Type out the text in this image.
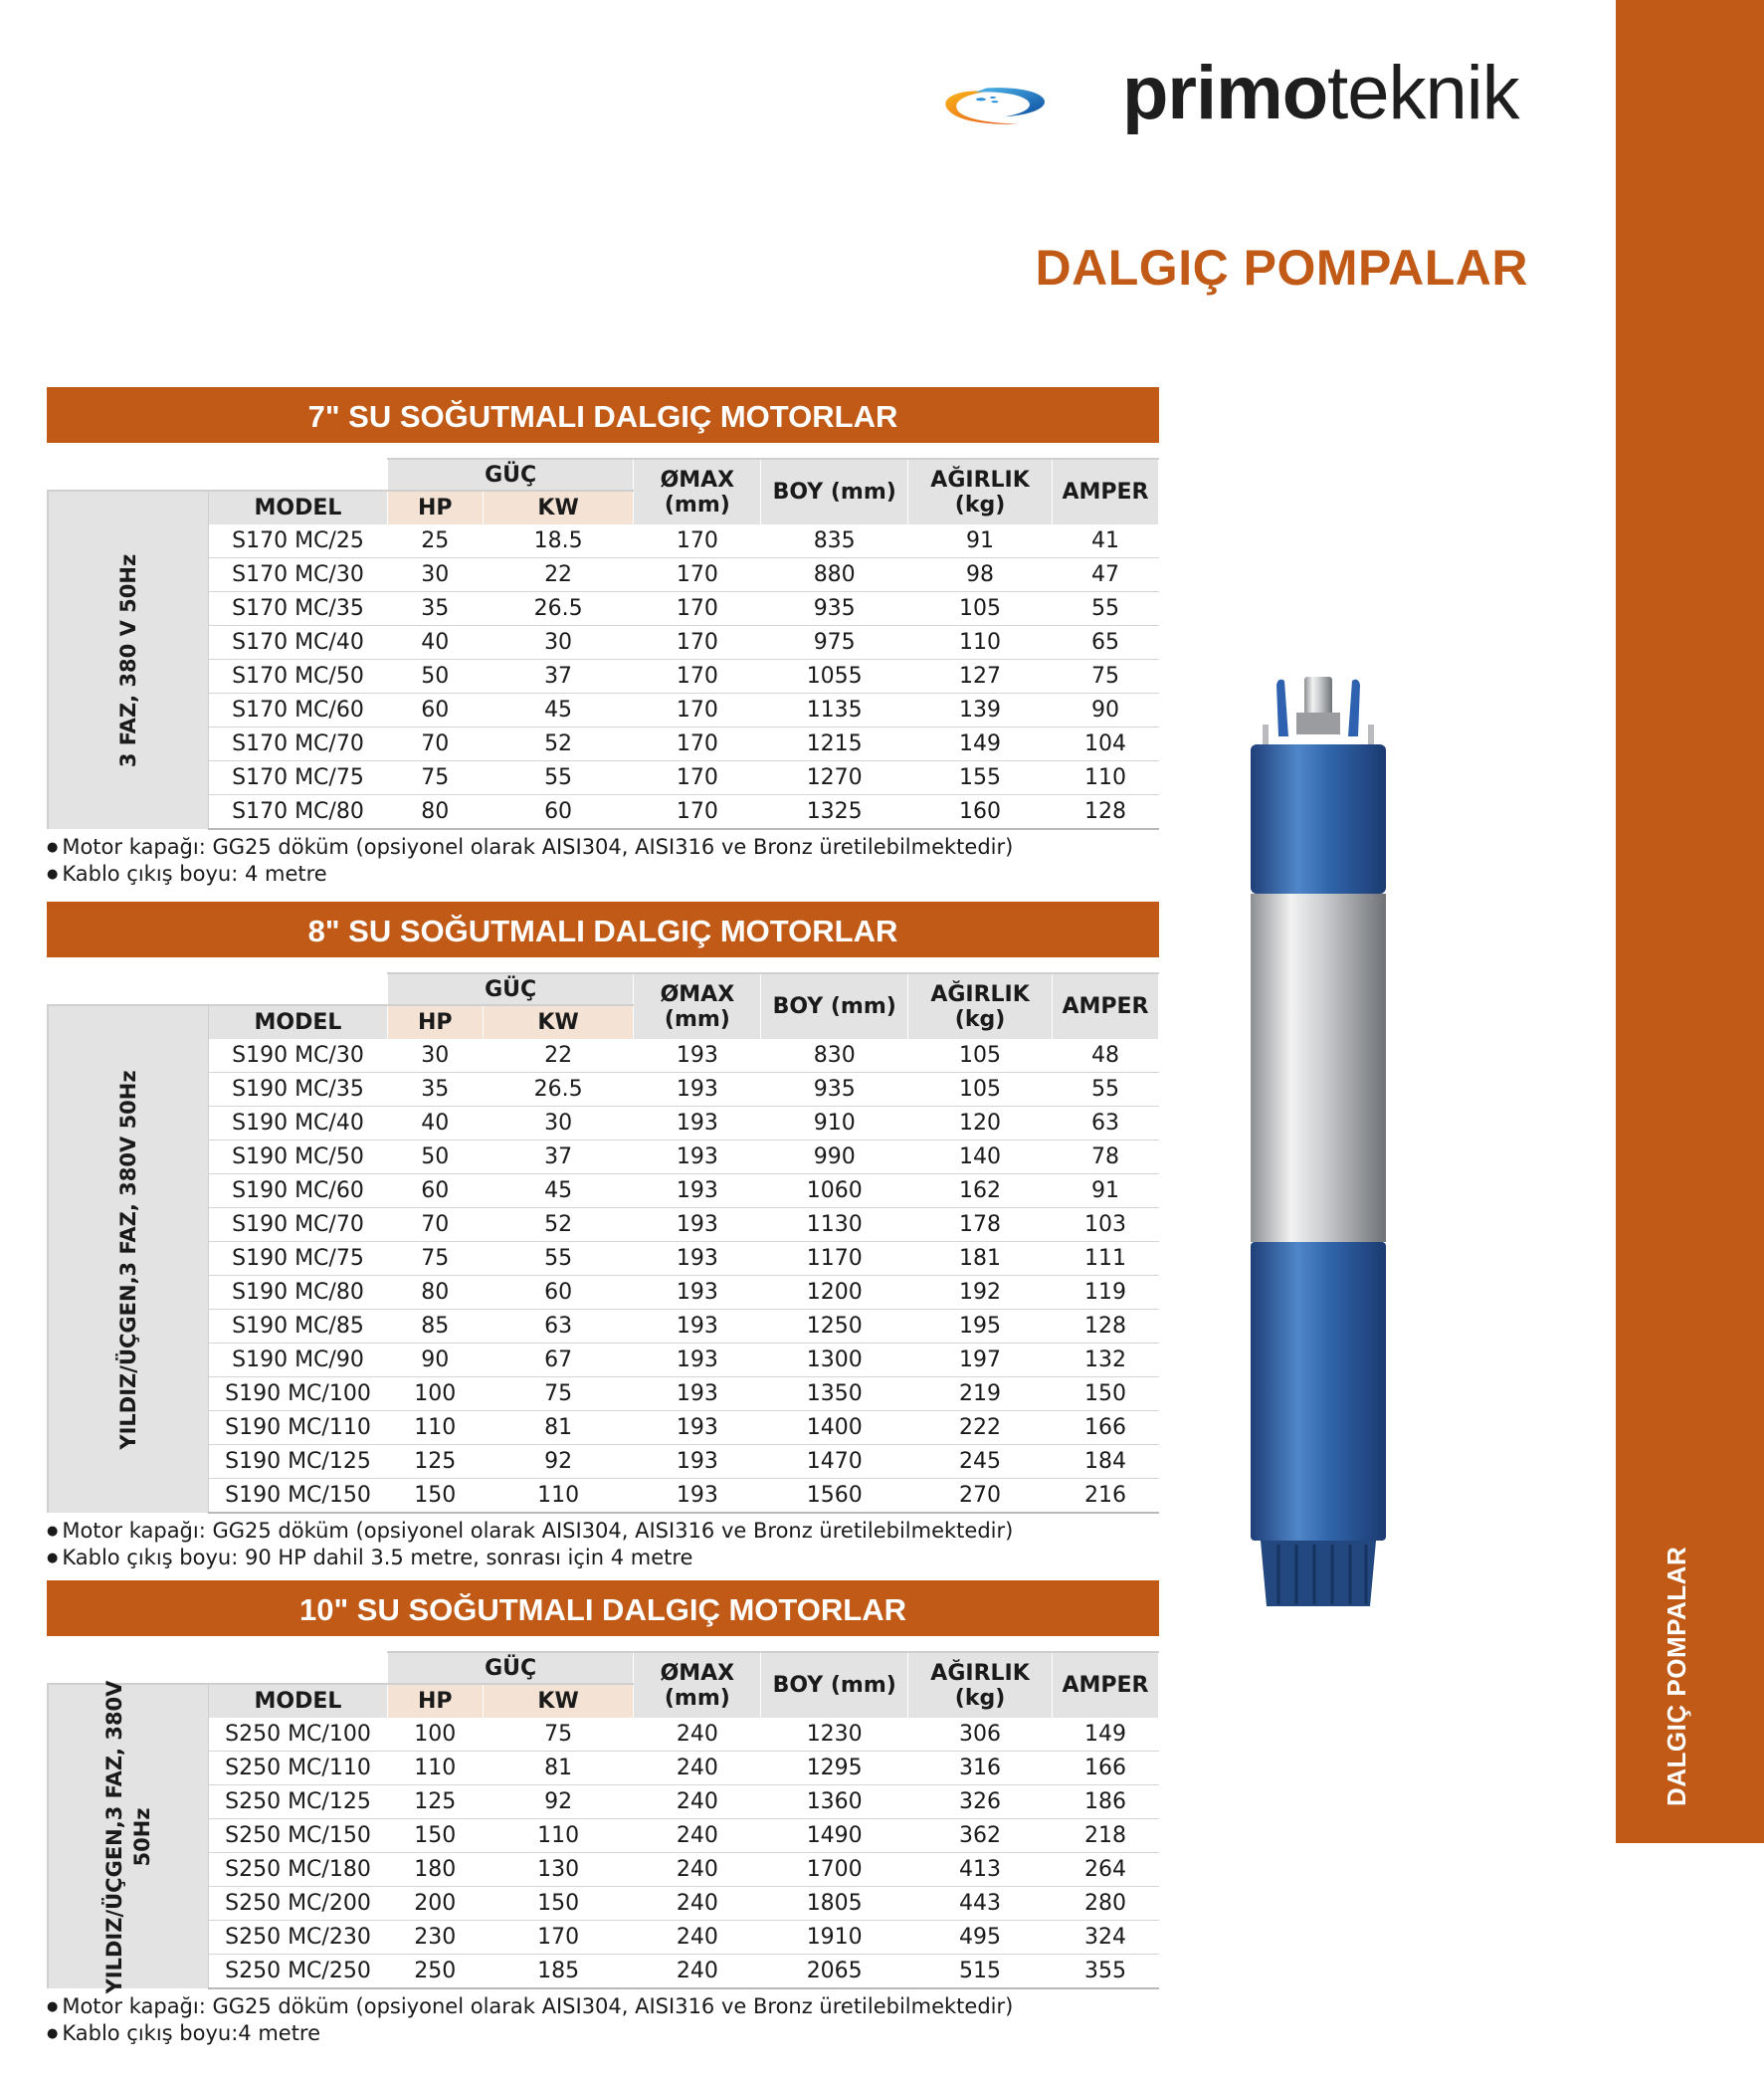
DALGIÇ POMPALAR
primoteknik
DALGIÇ POMPALAR
7" SU SOĞUTMALI DALGIÇ MOTORLAR
		GÜÇ		ØMAX (mm)	BOY (mm)	AĞIRLIK (kg)	AMPER

3 FAZ, 380 V 50Hz	MODEL	HP	KW				
	S170 MC/25	25	18.5	170	835	91	41
	S170 MC/30	30	22	170	880	98	47
	S170 MC/35	35	26.5	170	935	105	55
	S170 MC/40	40	30	170	975	110	65
	S170 MC/50	50	37	170	1055	127	75
	S170 MC/60	60	45	170	1135	139	90
	S170 MC/70	70	52	170	1215	149	104
	S170 MC/75	75	55	170	1270	155	110
	S170 MC/80	80	60	170	1325	160	128
● Motor kapağı: GG25 döküm (opsiyonel olarak AISI304, AISI316 ve Bronz üretilebilmektedir)
● Kablo çıkış boyu: 4 metre
8" SU SOĞUTMALI DALGIÇ MOTORLAR
		GÜÇ		ØMAX (mm)	BOY (mm)	AĞIRLIK (kg)	AMPER

YILDIZ/ÜÇGEN,3 FAZ, 380V 50Hz	MODEL	HP	KW				
	S190 MC/30	30	22	193	830	105	48
	S190 MC/35	35	26.5	193	935	105	55
	S190 MC/40	40	30	193	910	120	63
	S190 MC/50	50	37	193	990	140	78
	S190 MC/60	60	45	193	1060	162	91
	S190 MC/70	70	52	193	1130	178	103
	S190 MC/75	75	55	193	1170	181	111
	S190 MC/80	80	60	193	1200	192	119
	S190 MC/85	85	63	193	1250	195	128
	S190 MC/90	90	67	193	1300	197	132
	S190 MC/100	100	75	193	1350	219	150
	S190 MC/110	110	81	193	1400	222	166
	S190 MC/125	125	92	193	1470	245	184
	S190 MC/150	150	110	193	1560	270	216
● Motor kapağı: GG25 döküm (opsiyonel olarak AISI304, AISI316 ve Bronz üretilebilmektedir)
● Kablo çıkış boyu: 90 HP dahil 3.5 metre, sonrası için 4 metre
10" SU SOĞUTMALI DALGIÇ MOTORLAR
		GÜÇ		ØMAX (mm)	BOY (mm)	AĞIRLIK (kg)	AMPER

YILDIZ/ÜÇGEN,3 FAZ, 380V 50Hz	MODEL	HP	KW				
	S250 MC/100	100	75	240	1230	306	149
	S250 MC/110	110	81	240	1295	316	166
	S250 MC/125	125	92	240	1360	326	186
	S250 MC/150	150	110	240	1490	362	218
	S250 MC/180	180	130	240	1700	413	264
	S250 MC/200	200	150	240	1805	443	280
	S250 MC/230	230	170	240	1910	495	324
	S250 MC/250	250	185	240	2065	515	355
● Motor kapağı: GG25 döküm (opsiyonel olarak AISI304, AISI316 ve Bronz üretilebilmektedir)
● Kablo çıkış boyu:4 metre
